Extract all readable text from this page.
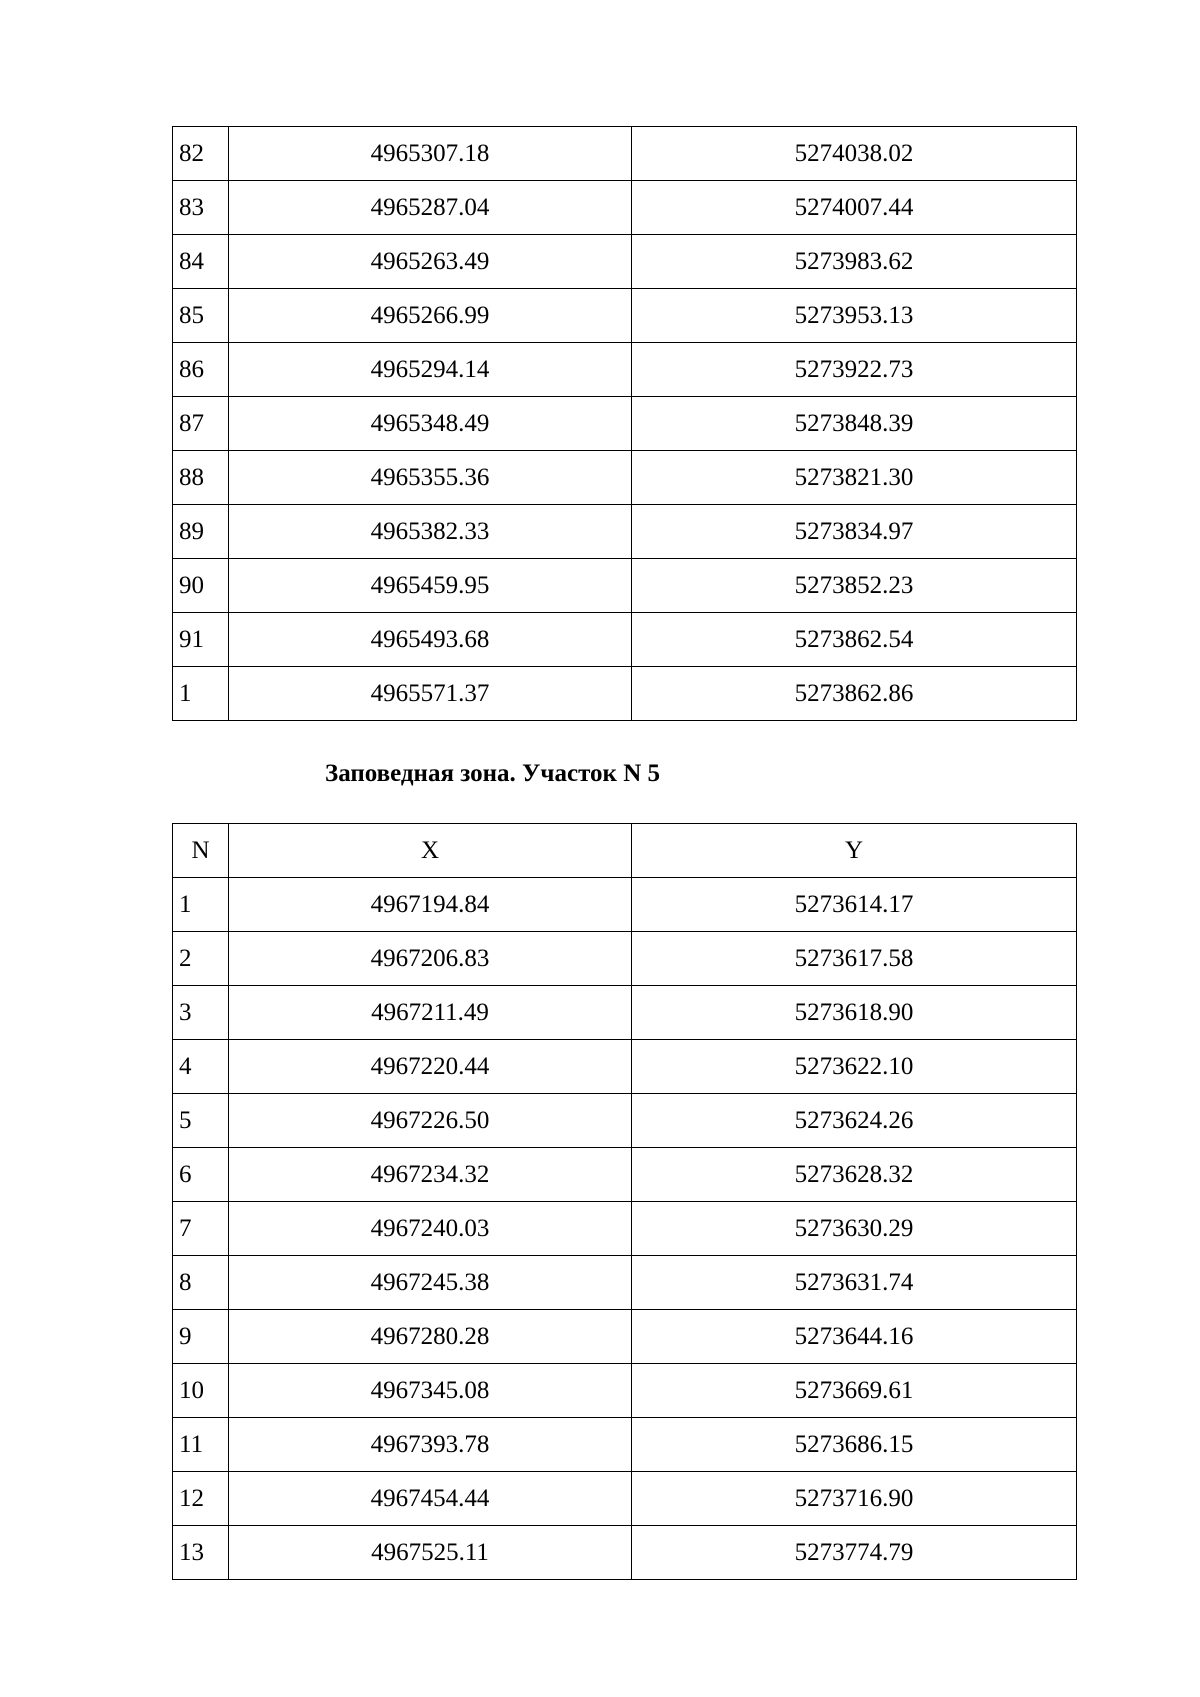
82	4965307.18	5274038.02
83	4965287.04	5274007.44
84	4965263.49	5273983.62
85	4965266.99	5273953.13
86	4965294.14	5273922.73
87	4965348.49	5273848.39
88	4965355.36	5273821.30
89	4965382.33	5273834.97
90	4965459.95	5273852.23
91	4965493.68	5273862.54
1	4965571.37	5273862.86
Заповедная зона. Участок N 5
N	X	Y
1	4967194.84	5273614.17
2	4967206.83	5273617.58
3	4967211.49	5273618.90
4	4967220.44	5273622.10
5	4967226.50	5273624.26
6	4967234.32	5273628.32
7	4967240.03	5273630.29
8	4967245.38	5273631.74
9	4967280.28	5273644.16
10	4967345.08	5273669.61
11	4967393.78	5273686.15
12	4967454.44	5273716.90
13	4967525.11	5273774.79
